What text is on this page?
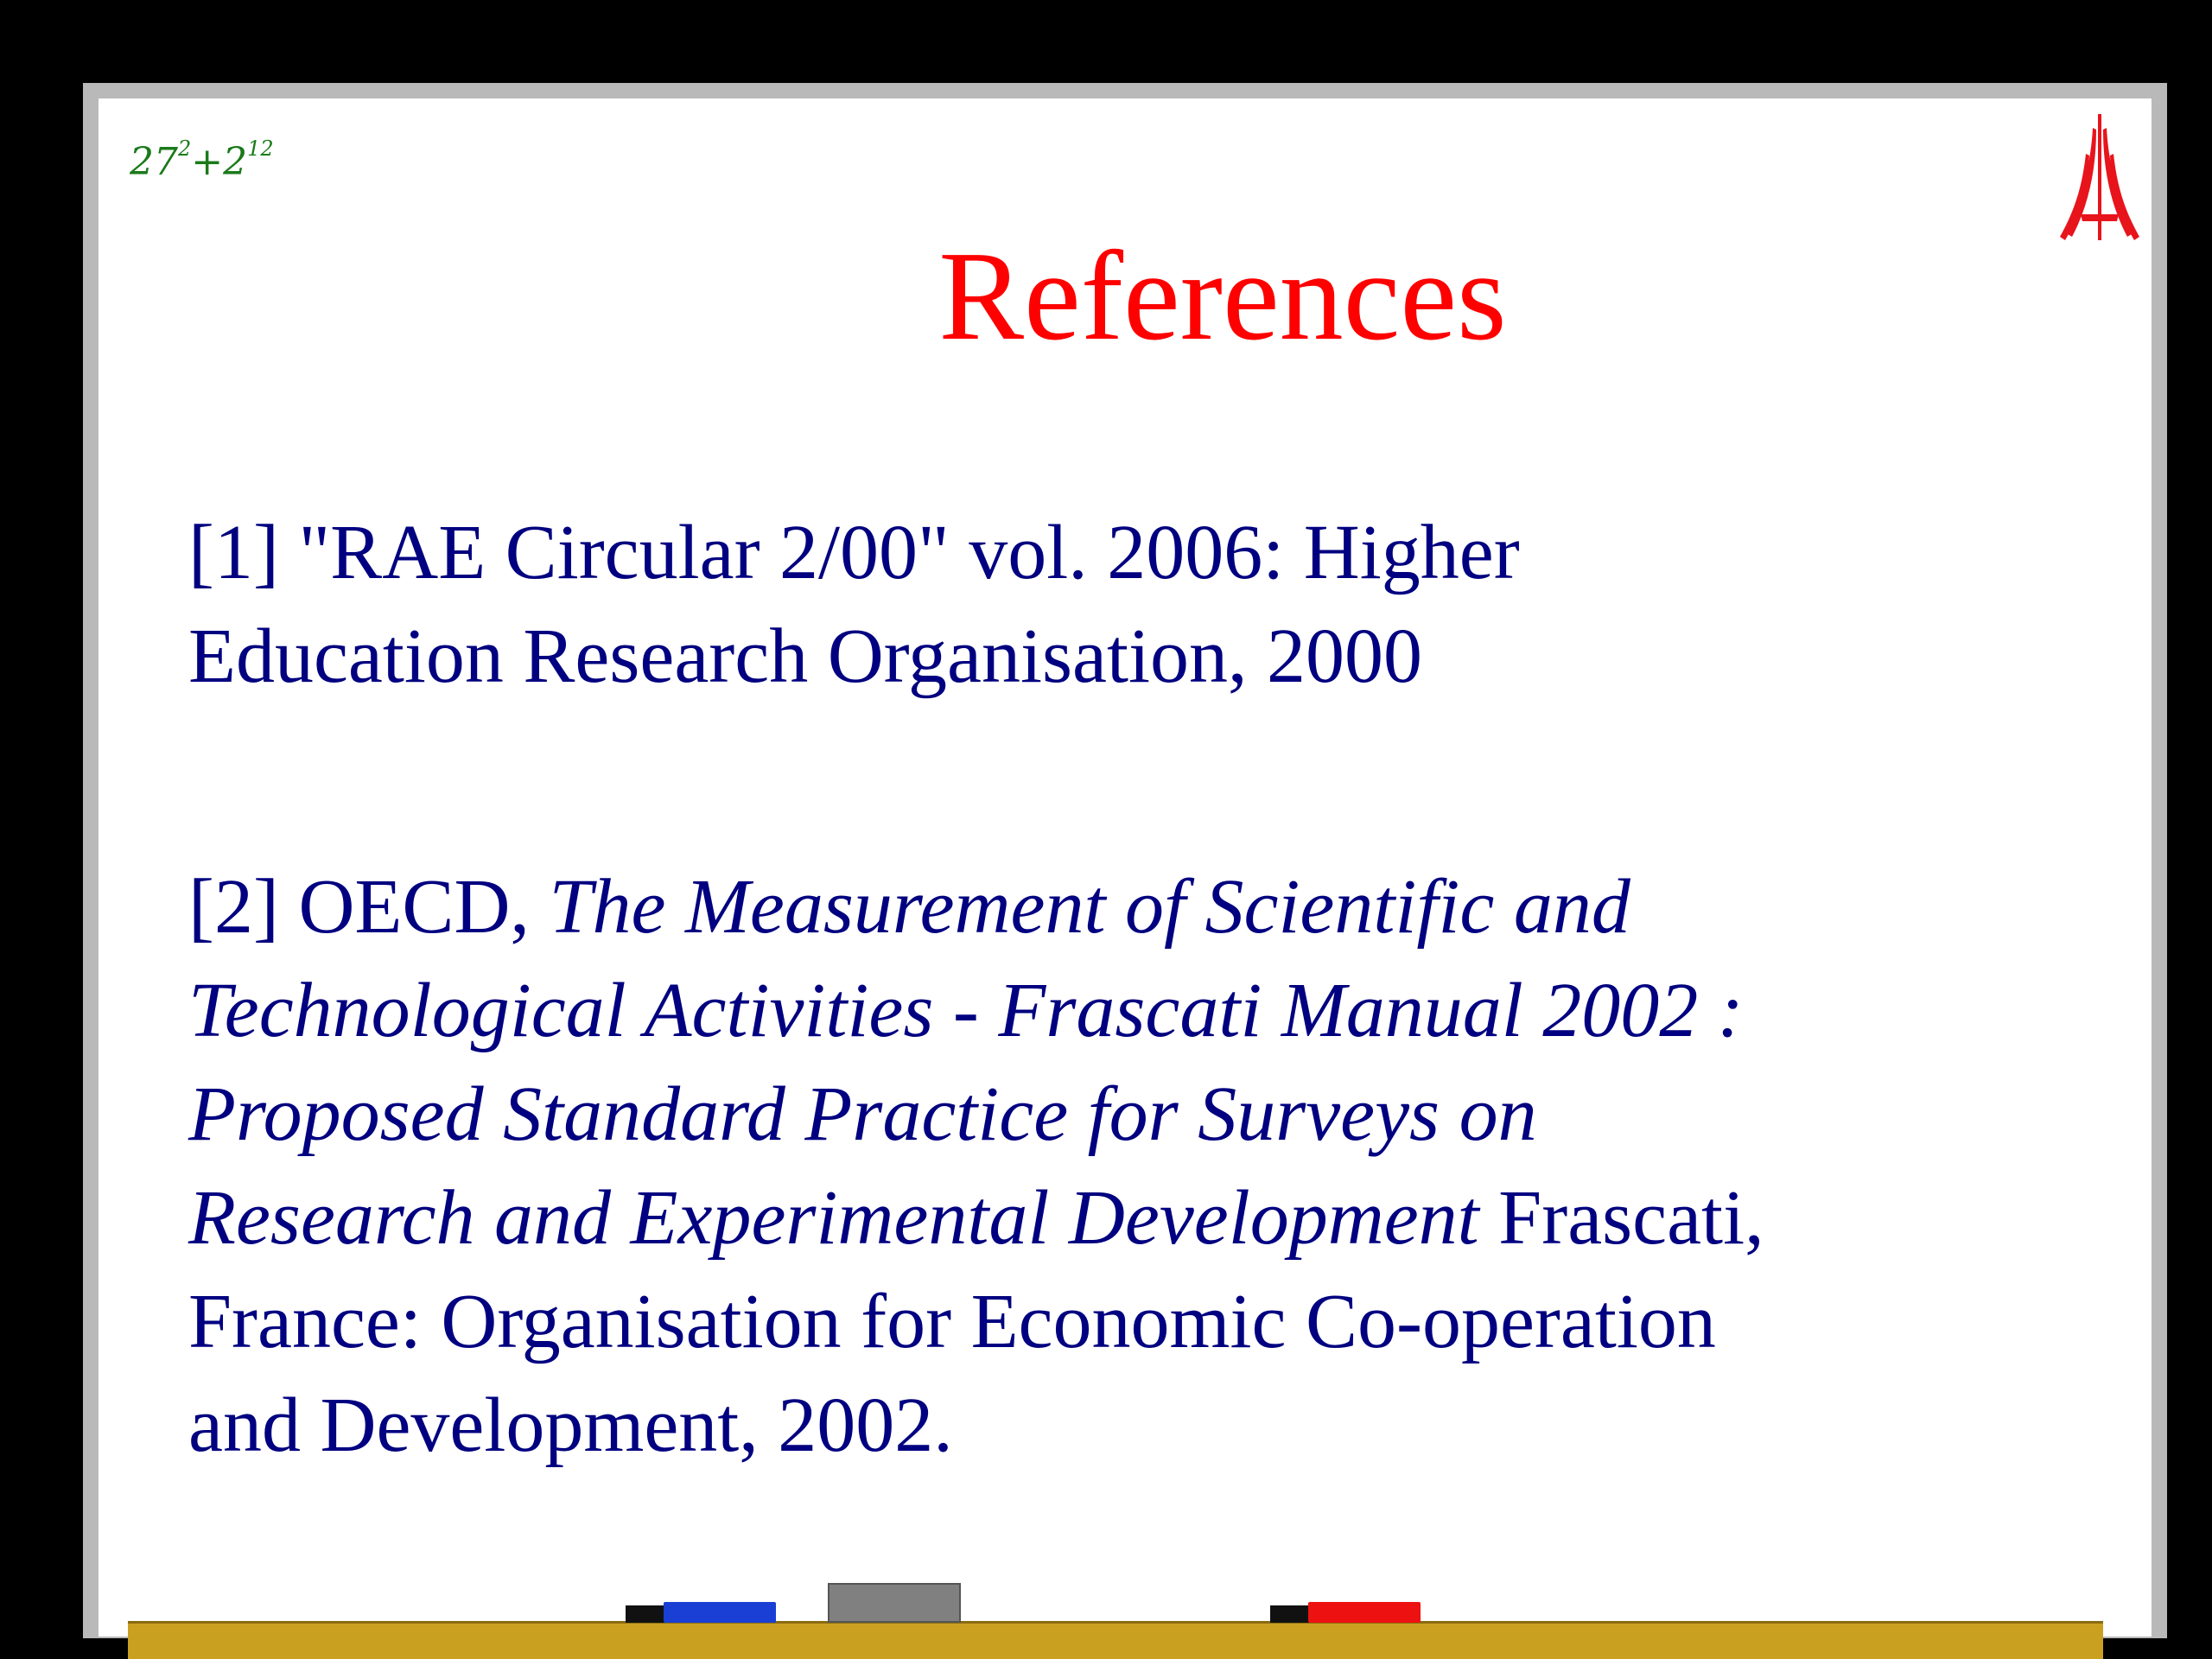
$27^2+2^{12}$
References
[1] "RAE Circular 2/00" vol. 2006: Higher
Education Research Organisation, 2000
[2] OECD, The Measurement of Scientific and
Technological Activities - Frascati Manual 2002 :
Proposed Standard Practice for Surveys on
Research and Experimental Development Frascati,
France: Organisation for Economic Co-operation
and Development, 2002.
